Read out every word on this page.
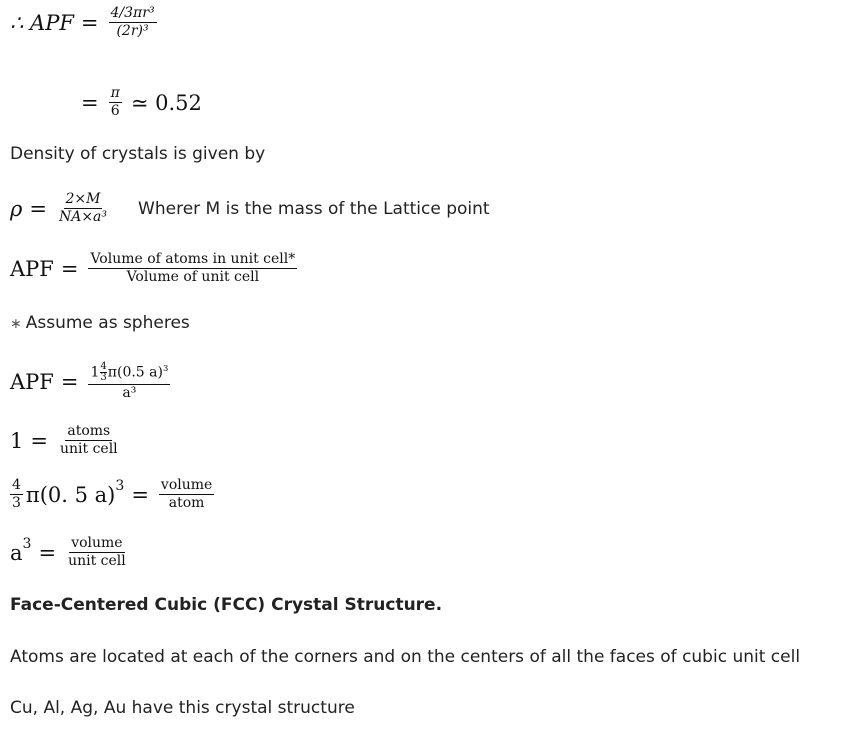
∴ APF = $\frac{\text{4/3πr³}}{\text{(2r)³}}$
= $\frac{\pi}{6}$ ≃ 0.52
Density of crystals is given by
$\rho = \frac{2\times M}{\text{NA×a³}}$ Wherer M is the mass of the Lattice point
APF = $\frac{\text{Volume of atoms in unit cell*}}{\text{Volume of unit cell}}$
∗ Assume as spheres
APF = $\frac{1 \frac{4}{3} \pi(0.5 a)^3}{\text{a³}}$
$1 = \frac{\text{atoms}}{\text{unit cell}}$
$\frac{4}{3} \pi(0$. 5 $a)^3 = \frac{\text{volume}}{\text{atom}}$
$a^3 = \frac{\text{volume}}{\text{unit cell}}$
Face-Centered Cubic (FCC) Crystal Structure.
Atoms are located at each of the corners and on the centers of all the faces of cubic unit cell
Cu, Al, Ag, Au have this crystal structure
